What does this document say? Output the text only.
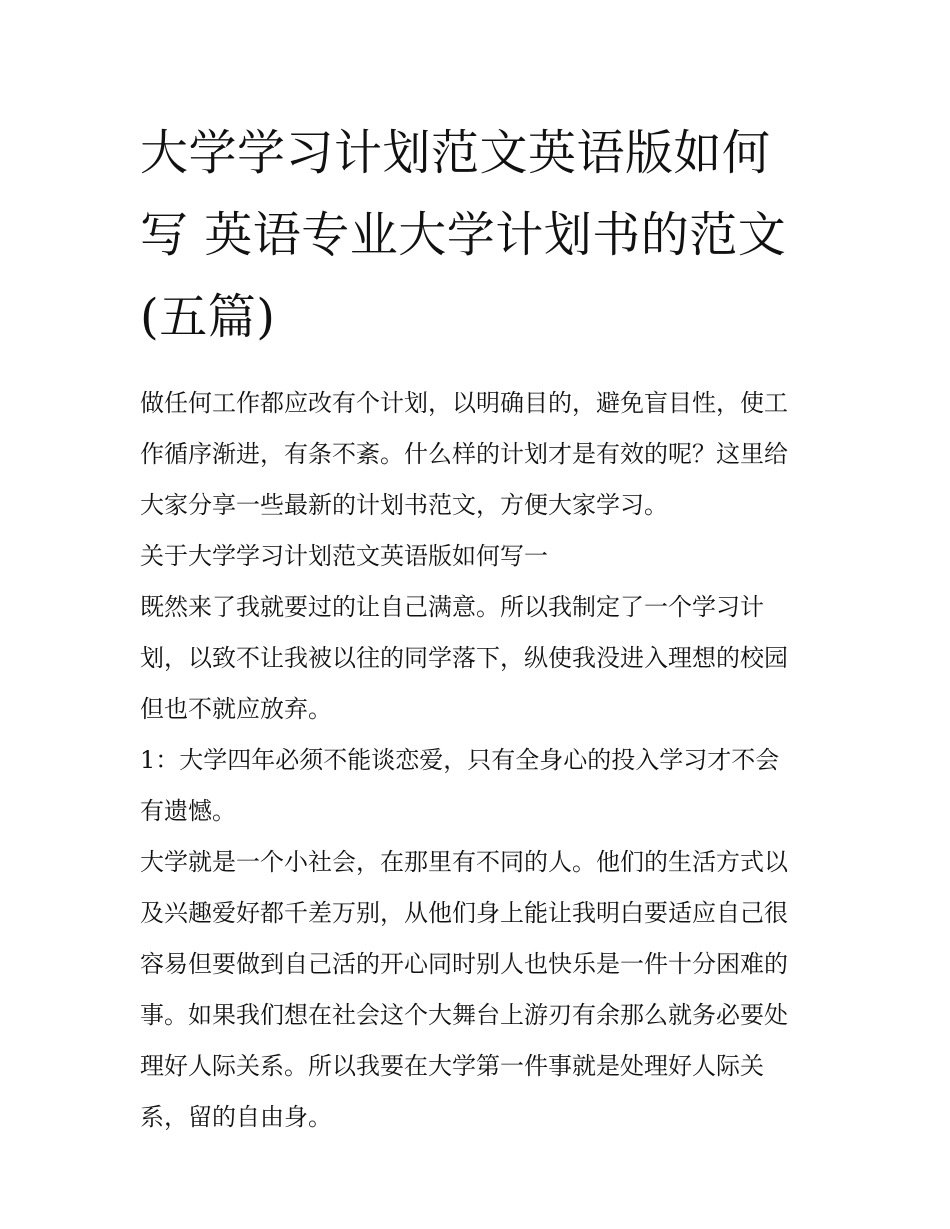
大学学习计划范文英语版如何
写 英语专业大学计划书的范文
(五篇)
做任何工作都应改有个计划，以明确目的，避免盲目性，使工
作循序渐进，有条不紊。什么样的计划才是有效的呢？这里给
大家分享一些最新的计划书范文，方便大家学习。
关于大学学习计划范文英语版如何写一
既然来了我就要过的让自己满意。所以我制定了一个学习计
划，以致不让我被以往的同学落下，纵使我没进入理想的校园
但也不就应放弃。
1：大学四年必须不能谈恋爱，只有全身心的投入学习才不会
有遗憾。
大学就是一个小社会，在那里有不同的人。他们的生活方式以
及兴趣爱好都千差万别，从他们身上能让我明白要适应自己很
容易但要做到自己活的开心同时别人也快乐是一件十分困难的
事。如果我们想在社会这个大舞台上游刃有余那么就务必要处
理好人际关系。所以我要在大学第一件事就是处理好人际关
系，留的自由身。
